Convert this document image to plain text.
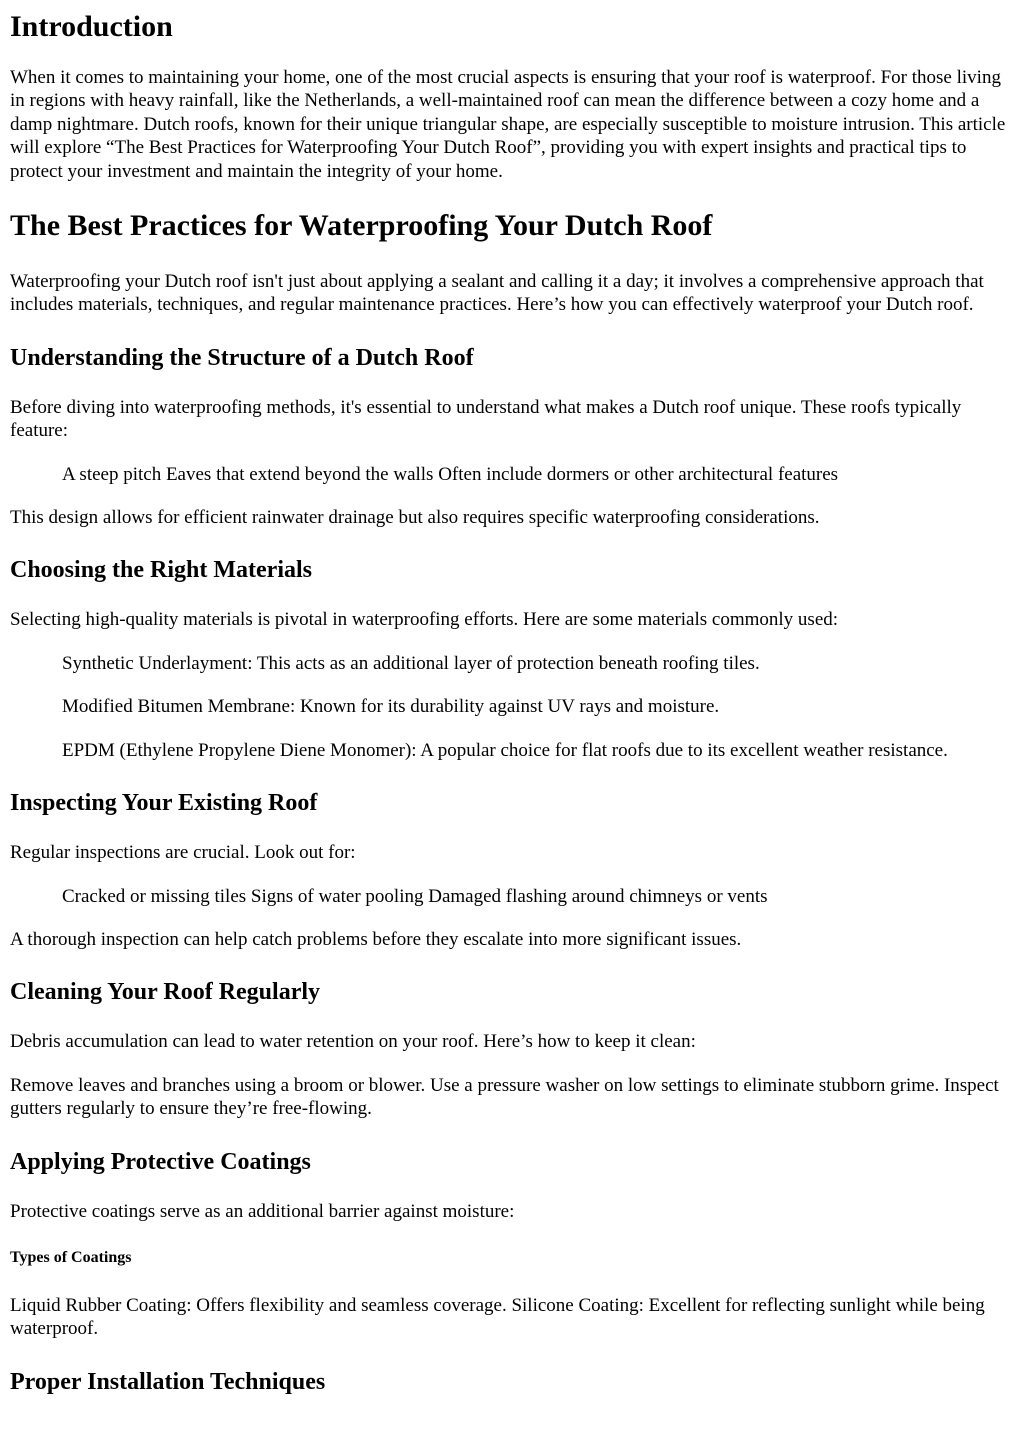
Introduction

When it comes to maintaining your home, one of the most crucial aspects is ensuring that your roof is waterproof. For those living in regions with heavy rainfall, like the Netherlands, a well-maintained roof can mean the difference between a cozy home and a damp nightmare. Dutch roofs, known for their unique triangular shape, are especially susceptible to moisture intrusion. This article will explore “The Best Practices for Waterproofing Your Dutch Roof”, providing you with expert insights and practical tips to protect your investment and maintain the integrity of your home.

The Best Practices for Waterproofing Your Dutch Roof

Waterproofing your Dutch roof isn't just about applying a sealant and calling it a day; it involves a comprehensive approach that includes materials, techniques, and regular maintenance practices. Here’s how you can effectively waterproof your Dutch roof.

Understanding the Structure of a Dutch Roof

Before diving into waterproofing methods, it's essential to understand what makes a Dutch roof unique. These roofs typically feature:

A steep pitch Eaves that extend beyond the walls Often include dormers or other architectural features

This design allows for efficient rainwater drainage but also requires specific waterproofing considerations.

Choosing the Right Materials

Selecting high-quality materials is pivotal in waterproofing efforts. Here are some materials commonly used:

Synthetic Underlayment: This acts as an additional layer of protection beneath roofing tiles.

Modified Bitumen Membrane: Known for its durability against UV rays and moisture.

EPDM (Ethylene Propylene Diene Monomer): A popular choice for flat roofs due to its excellent weather resistance.

Inspecting Your Existing Roof

Regular inspections are crucial. Look out for:

Cracked or missing tiles Signs of water pooling Damaged flashing around chimneys or vents

A thorough inspection can help catch problems before they escalate into more significant issues.

Cleaning Your Roof Regularly

Debris accumulation can lead to water retention on your roof. Here’s how to keep it clean:

Remove leaves and branches using a broom or blower. Use a pressure washer on low settings to eliminate stubborn grime. Inspect gutters regularly to ensure they’re free-flowing.

Applying Protective Coatings

Protective coatings serve as an additional barrier against moisture:

Types of Coatings

Liquid Rubber Coating: Offers flexibility and seamless coverage. Silicone Coating: Excellent for reflecting sunlight while being waterproof.

Proper Installation Techniques
